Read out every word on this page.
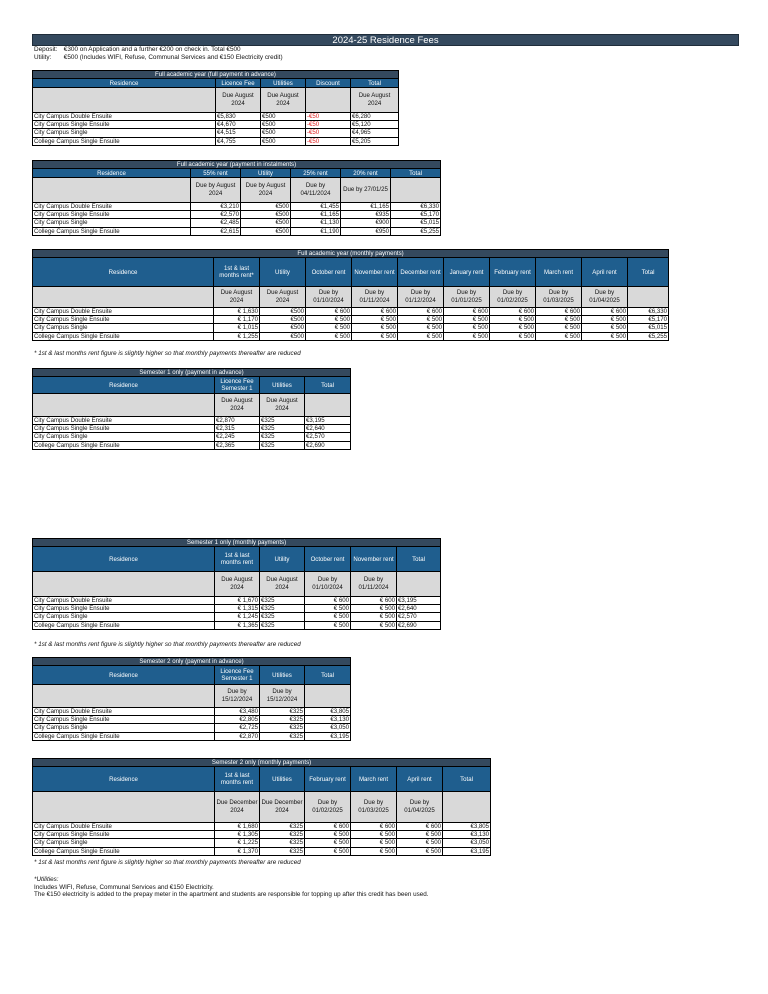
2024-25 Residence Fees
Deposit: €300 on Application and a further €200 on check in. Total €500
Utility: €500 (Includes WIFI, Refuse, Communal Services and €150 Electricity credit)
Full academic year (full payment in advance)				
Residence	Licence Fee	Utilities	Discount	Total
	Due August 2024	Due August 2024		Due August 2024
City Campus Double Ensuite	€5,830	€500	-€50	€6,280
City Campus Single Ensuite	€4,670	€500	-€50	€5,120
City Campus Single	€4,515	€500	-€50	€4,965
College Campus Single Ensuite	€4,755	€500	-€50	€5,205
Full academic year (payment in instalments)					
Residence	55% rent	Utility	25% rent	20% rent	Total
	Due by August 2024	Due by August 2024	Due by 04/11/2024	Due by 27/01/25	
City Campus Double Ensuite	€3,210	€500	€1,455	€1,165	€6,330
City Campus Single Ensuite	€2,570	€500	€1,165	€935	€5,170
City Campus Single	€2,485	€500	€1,130	€900	€5,015
College Campus Single Ensuite	€2,615	€500	€1,190	€950	€5,255
Full academic year (monthly payments)										
Residence	1st & last months rent*	Utility	October rent	November rent	December rent	January rent	February rent	March rent	April rent	Total
	Due August 2024	Due August 2024	Due by 01/10/2024	Due by 01/11/2024	Due by 01/12/2024	Due by 01/01/2025	Due by 01/02/2025	Due by 01/03/2025	Due by 01/04/2025	
City Campus Double Ensuite	€ 1,630	€500	€ 600	€ 600	€ 600	€ 600	€ 600	€ 600	€ 600	€6,330
City Campus Single Ensuite	€ 1,170	€500	€ 500	€ 500	€ 500	€ 500	€ 500	€ 500	€ 500	€5,170
City Campus Single	€ 1,015	€500	€ 500	€ 500	€ 500	€ 500	€ 500	€ 500	€ 500	€5,015
College Campus Single Ensuite	€ 1,255	€500	€ 500	€ 500	€ 500	€ 500	€ 500	€ 500	€ 500	€5,255
* 1st & last months rent figure is slightly higher so that monthly payments thereafter are reduced
Semester 1 only (payment in advance)			
Residence	Licence Fee Semester 1	Utilities	Total
	Due August 2024	Due August 2024	
City Campus Double Ensuite	€2,870	€325	€3,195
City Campus Single Ensuite	€2,315	€325	€2,640
City Campus Single	€2,245	€325	€2,570
College Campus Single Ensuite	€2,365	€325	€2,690
Semester 1 only (monthly payments)					
Residence	1st & last months rent	Utility	October rent	November rent	Total
	Due August 2024	Due August 2024	Due by 01/10/2024	Due by 01/11/2024	
City Campus Double Ensuite	€ 1,670	€325	€ 600	€ 600	€3,195
City Campus Single Ensuite	€ 1,315	€325	€ 500	€ 500	€2,640
City Campus Single	€ 1,245	€325	€ 500	€ 500	€2,570
College Campus Single Ensuite	€ 1,365	€325	€ 500	€ 500	€2,690
* 1st & last months rent figure is slightly higher so that monthly payments thereafter are reduced
Semester 2 only (payment in advance)			
Residence	Licence Fee Semester 1	Utilities	Total
	Due by 15/12/2024	Due by 15/12/2024	
City Campus Double Ensuite	€3,480	€325	€3,805
City Campus Single Ensuite	€2,805	€325	€3,130
City Campus Single	€2,725	€325	€3,050
College Campus Single Ensuite	€2,870	€325	€3,195
Semester 2 only (monthly payments)						
Residence	1st & last months rent	Utilities	February rent	March rent	April rent	Total
	Due December 2024	Due December 2024	Due by 01/02/2025	Due by 01/03/2025	Due by 01/04/2025	
City Campus Double Ensuite	€ 1,680	€325	€ 600	€ 600	€ 600	€3,805
City Campus Single Ensuite	€ 1,305	€325	€ 500	€ 500	€ 500	€3,130
City Campus Single	€ 1,225	€325	€ 500	€ 500	€ 500	€3,050
College Campus Single Ensuite	€ 1,370	€325	€ 500	€ 500	€ 500	€3,195
* 1st & last months rent figure is slightly higher so that monthly payments thereafter are reduced
*Utilities:
Includes WIFI, Refuse, Communal Services and €150 Electricity.
The €150 electricity is added to the prepay meter in the apartment and students are responsible for topping up after this credit has been used.
